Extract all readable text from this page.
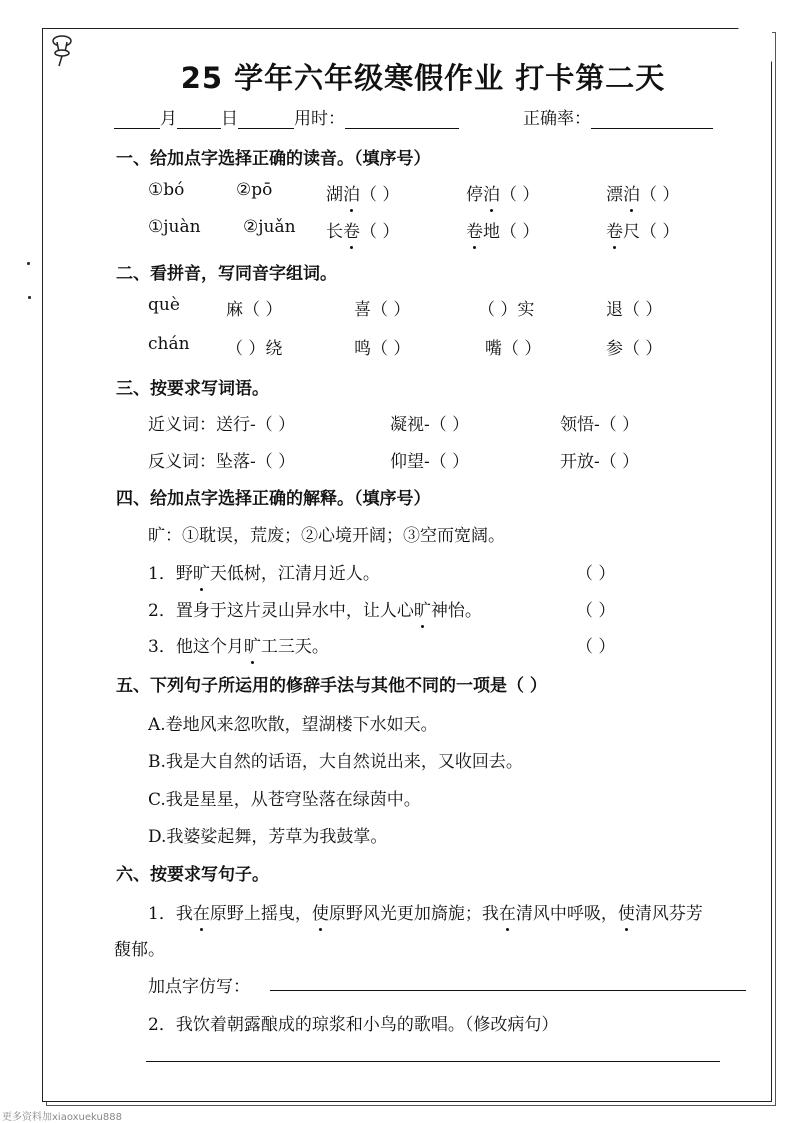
25 学年六年级寒假作业 打卡第二天
月	日	用时：	正确率：
一、给加点字选择正确的读音。（填序号）
①bó	②pō	湖泊（ ）	停泊（ ）	漂泊（ ）
①juàn ②juǎn 长卷（ ）	卷地（ ）	卷尺（ ）
二、看拼音，写同音字组词。
què	麻（ ）	喜（ ）	（ ）实	退（ ）
chán （ ）绕	鸣（ ）	嘴（ ）	参（ ）
三、按要求写词语。
近义词：送行-（ ）	凝视-（ ）	领悟-（ ）
反义词：坠落-（ ）	仰望-（ ）	开放-（ ）
四、给加点字选择正确的解释。（填序号）
旷：①耽误，荒废；②心境开阔；③空而宽阔。
1．野旷天低树，江清月近人。	（ ）
2．置身于这片灵山异水中，让人心旷神怡。	（ ）
3．他这个月旷工三天。	（ ）
五、下列句子所运用的修辞手法与其他不同的一项是（ ）
A.卷地风来忽吹散，望湖楼下水如天。
B.我是大自然的话语，大自然说出来，又收回去。
C.我是星星，从苍穹坠落在绿茵中。
D.我婆娑起舞，芳草为我鼓掌。
六、按要求写句子。
1．我在原野上摇曳，使原野风光更加旖旎；我在清风中呼吸，使清风芬芳
馥郁。
加点字仿写：
2．我饮着朝露酿成的琼浆和小鸟的歌唱。（修改病句）
更多资料加xiaoxueku888
